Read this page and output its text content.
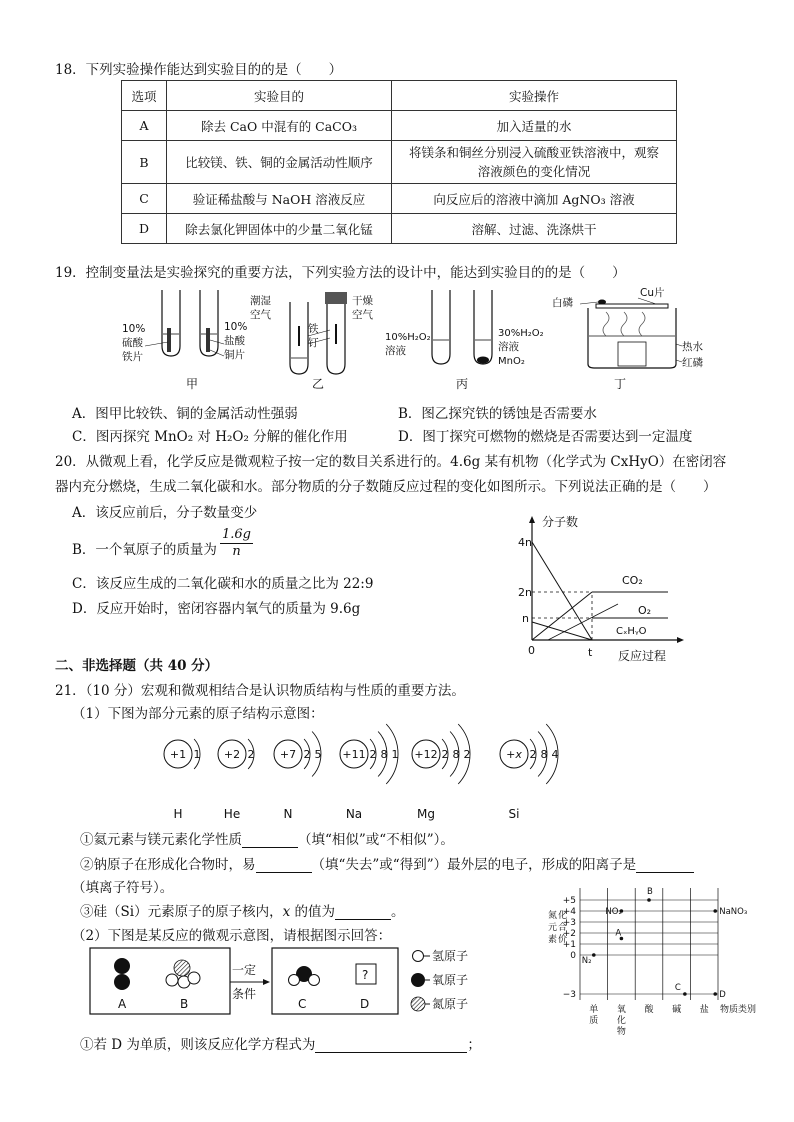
18．下列实验操作能达到实验目的的是（　　）
选项	实验目的	实验操作
A	除去 CaO 中混有的 CaCO₃	加入适量的水
B	比较镁、铁、铜的金属活动性顺序	将镁条和铜丝分别浸入硫酸亚铁溶液中，观察溶液颜色的变化情况
C	验证稀盐酸与 NaOH 溶液反应	向反应后的溶液中滴加 AgNO₃ 溶液
D	除去氯化钾固体中的少量二氧化锰	溶解、过滤、洗涤烘干
19．控制变量法是实验探究的重要方法，下列实验方法的设计中，能达到实验目的的是（　　）
10%
硫酸
铁片
10%
盐酸
铜片
甲
潮湿
空气
铁
钉
干燥
空气
乙
10%H₂O₂
溶液
30%H₂O₂
溶液
MnO₂
丙
白磷
Cu片
热水
红磷
丁
A．图甲比较铁、铜的金属活动性强弱	B．图乙探究铁的锈蚀是否需要水
C．图丙探究 MnO₂ 对 H₂O₂ 分解的催化作用	D．图丁探究可燃物的燃烧是否需要达到一定温度
20．从微观上看，化学反应是微观粒子按一定的数目关系进行的。4.6g 某有机物（化学式为 CxHyO）在密闭容
器内充分燃烧，生成二氧化碳和水。部分物质的分子数随反应过程的变化如图所示。下列说法正确的是（　　）
A．该反应前后，分子数量变少
B．一个氧原子的质量为 $\frac{1.6g}{n}$
C．该反应生成的二氧化碳和水的质量之比为 22:9
D．反应开始时，密闭容器内氧气的质量为 9.6g
分子数
反应过程
4n
2n
n
0	t
CO₂
O₂
CₓHᵧO
二、非选择题（共 40 分）
21．（10 分）宏观和微观相结合是认识物质结构与性质的重要方法。
（1）下图为部分元素的原子结构示意图：
+1 1
H
+2 2
He
+7 2 5
N
+11 2 8 1
Na
+12 2 8 2
Mg
+x 2 8 4
Si
①氦元素与镁元素化学性质	（填“相似”或“不相似”）。
②钠原子在形成化合物时，易	（填“失去”或“得到”）最外层的电子，形成的阳离子是
（填离子符号）。
③硅（Si）元素原子的原子核内，x 的值为	。
（2）下图是某反应的微观示意图，请根据图示回答：
A	B
一定
条件
?
C	D
氢原子
氧原子
氮原子
①若 D 为单质，则该反应化学方程式为	；
+5
+4
+3
+2
+1
0
−3
氮 化
元 合
素 价
单
质
氧
化
物
酸 碱 盐 物质类别
N₂
A
NO₂
B
NaNO₃
C
D
